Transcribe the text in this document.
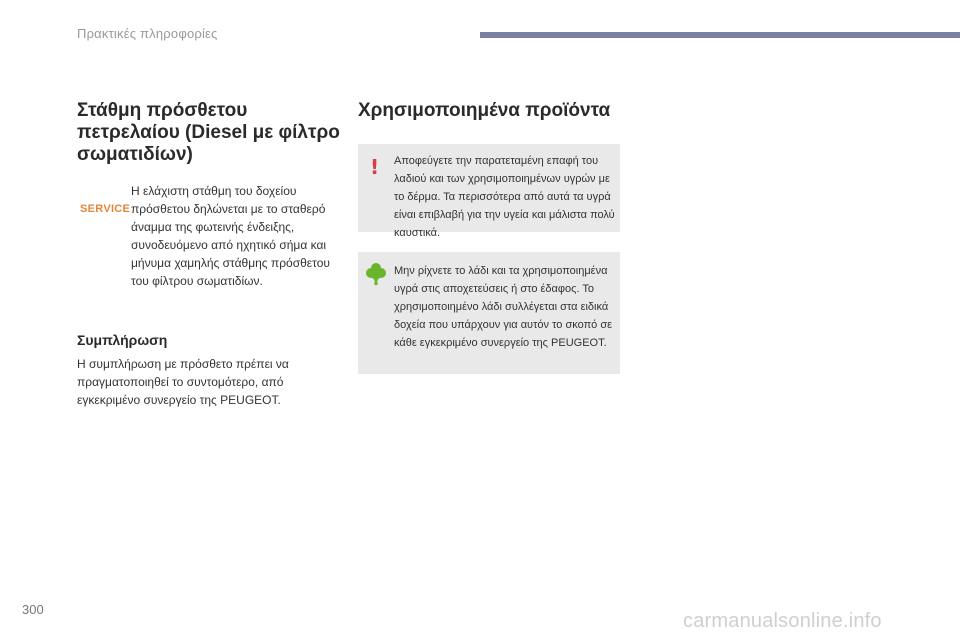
Πρακτικές πληροφορίες
Στάθμη πρόσθετου πετρελαίου (Diesel με φίλτρο σωματιδίων)
SERVICE
Η ελάχιστη στάθμη του δοχείου πρόσθετου δηλώνεται με το σταθερό άναμμα της φωτεινής ένδειξης, συνοδευόμενο από ηχητικό σήμα και μήνυμα χαμηλής στάθμης πρόσθετου του φίλτρου σωματιδίων.
Συμπλήρωση
Η συμπλήρωση με πρόσθετο πρέπει να πραγματοποιηθεί το συντομότερο, από εγκεκριμένο συνεργείο της PEUGEOT.
Χρησιμοποιημένα προϊόντα
! Αποφεύγετε την παρατεταμένη επαφή του λαδιού και των χρησιμοποιημένων υγρών με το δέρμα. Τα περισσότερα από αυτά τα υγρά είναι επιβλαβή για την υγεία και μάλιστα πολύ καυστικά.
Μην ρίχνετε το λάδι και τα χρησιμοποιημένα υγρά στις αποχετεύσεις ή στο έδαφος. Το χρησιμοποιημένο λάδι συλλέγεται στα ειδικά δοχεία που υπάρχουν για αυτόν το σκοπό σε κάθε εγκεκριμένο συνεργείο της PEUGEOT.
300
carmanualsonline.info
